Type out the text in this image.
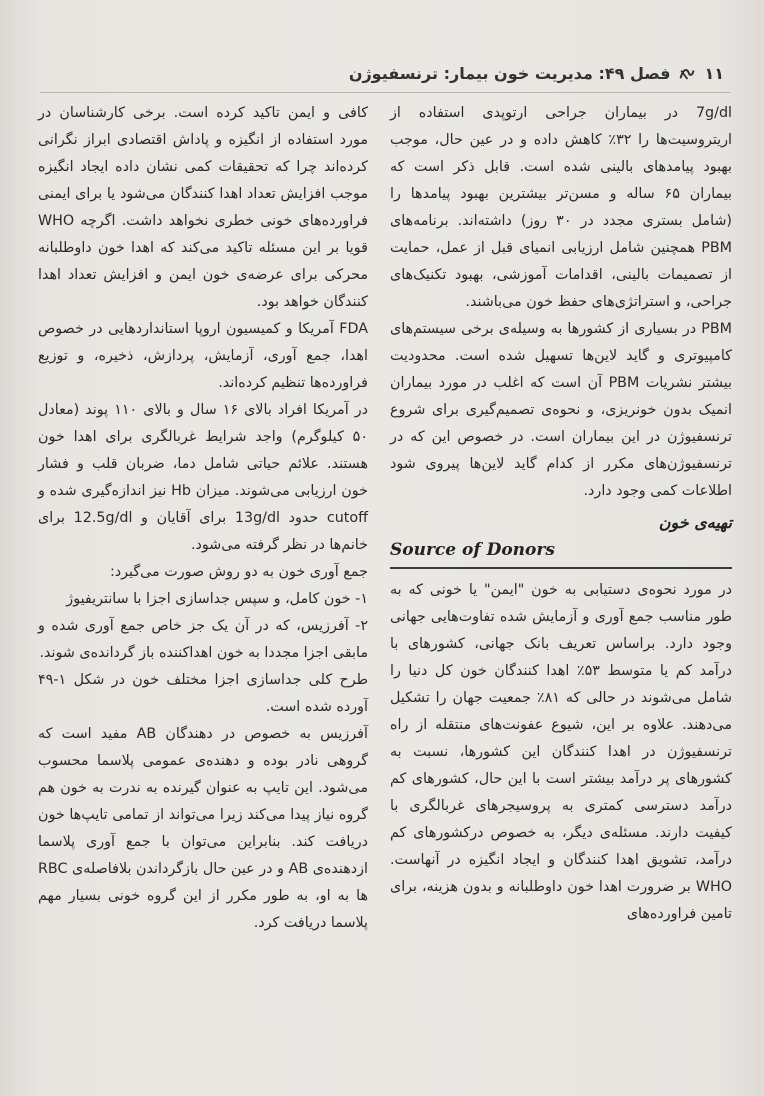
۱۱
فصل ۴۹: مدیریت خون بیمار: ترنسفیوژن

7g/dl در بیماران جراحی ارتوپدی استفاده از اریتروسیت‌ها را ۳۲٪ کاهش داده و در عین حال، موجب بهبود پیامدهای بالینی شده است. قابل ذکر است که بیماران ۶۵ ساله و مسن‌تر بیشترین بهبود پیامدها را (شامل بستری مجدد در ۳۰ روز) داشته‌اند. برنامه‌های PBM همچنین شامل ارزیابی انمیای قبل از عمل، حمایت از تصمیمات بالینی، اقدامات آموزشی، بهبود تکنیک‌های جراحی، و استراتژی‌های حفظ خون می‌باشند.

PBM در بسیاری از کشورها به وسیله‌ی برخی سیستم‌های کامپیوتری و گاید لاین‌ها تسهیل شده است. محدودیت بیشتر نشریات PBM آن است که اغلب در مورد بیماران انمیک بدون خونریزی، و نحوه‌ی تصمیم‌گیری برای شروع ترنسفیوژن در این بیماران است. در خصوص این که در ترنسفیوژن‌های مکرر از کدام گاید لاین‌ها پیروی شود اطلاعات کمی وجود دارد.

تهیه‌ی خون
Source of Donors

در مورد نحوه‌ی دستیابی به خون "ایمن" یا خونی که به طور مناسب جمع آوری و آزمایش شده تفاوت‌هایی جهانی وجود دارد. براساس تعریف بانک جهانی، کشورهای با درآمد کم یا متوسط ۵۳٪ اهدا کنندگان خون کل دنیا را شامل می‌شوند در حالی که ۸۱٪ جمعیت جهان را تشکیل می‌دهند. علاوه بر این، شیوع عفونت‌های منتقله از راه ترنسفیوژن در اهدا کنندگان این کشورها، نسبت به کشورهای پر درآمد بیشتر است با این حال، کشورهای کم درآمد دسترسی کمتری به پروسیجرهای غربالگری با کیفیت دارند. مسئله‌ی دیگر، به خصوص درکشورهای کم درآمد، تشویق اهدا کنندگان و ایجاد انگیزه در آنهاست. WHO بر ضرورت اهدا خون داوطلبانه و بدون هزینه، برای تامین فراورده‌های

کافی و ایمن تاکید کرده است. برخی کارشناسان در مورد استفاده از انگیزه و پاداش اقتصادی ابراز نگرانی کرده‌اند چرا که تحقیقات کمی نشان داده ایجاد انگیزه موجب افزایش تعداد اهدا کنندگان می‌شود یا برای ایمنی فراورده‌های خونی خطری نخواهد داشت. اگرچه WHO قویا بر این مسئله تاکید می‌کند که اهدا خون داوطلبانه محرکی برای عرضه‌ی خون ایمن و افزایش تعداد اهدا کنندگان خواهد بود.

FDA آمریکا و کمیسیون اروپا استانداردهایی در خصوص اهدا، جمع آوری، آزمایش، پردازش، ذخیره، و توزیع فراورده‌ها تنظیم کرده‌اند.

در آمریکا افراد بالای ۱۶ سال و بالای ۱۱۰ پوند (معادل ۵۰ کیلوگرم) واجد شرایط غربالگری برای اهدا خون هستند. علائم حیاتی شامل دما، ضربان قلب و فشار خون ارزیابی می‌شوند. میزان Hb نیز اندازه‌گیری شده و cutoff حدود 13g/dl برای آقایان و 12.5g/dl برای خانم‌ها در نظر گرفته می‌شود.

جمع آوری خون به دو روش صورت می‌گیرد:

۱- خون کامل، و سپس جداسازی اجزا با سانتریفیوژ

۲- آفرزیس، که در آن یک جز خاص جمع آوری شده و مابقی اجزا مجددا به خون اهداکننده باز گردانده‌ی شوند.

طرح کلی جداسازی اجزا مختلف خون در شکل ۱-۴۹ آورده شده است.

آفرزیس به خصوص در دهندگان AB مفید است که گروهی نادر بوده و دهنده‌ی عمومی پلاسما محسوب می‌شود. این تایپ به عنوان گیرنده به ندرت به خون هم گروه نیاز پیدا می‌کند زیرا می‌تواند از تمامی تایپ‌ها خون دریافت کند. بنابراین می‌توان با جمع آوری پلاسما ازدهنده‌ی AB و در عین حال بازگرداندن بلافاصله‌ی RBC ها به او، به طور مکرر از این گروه خونی بسیار مهم پلاسما دریافت کرد.
